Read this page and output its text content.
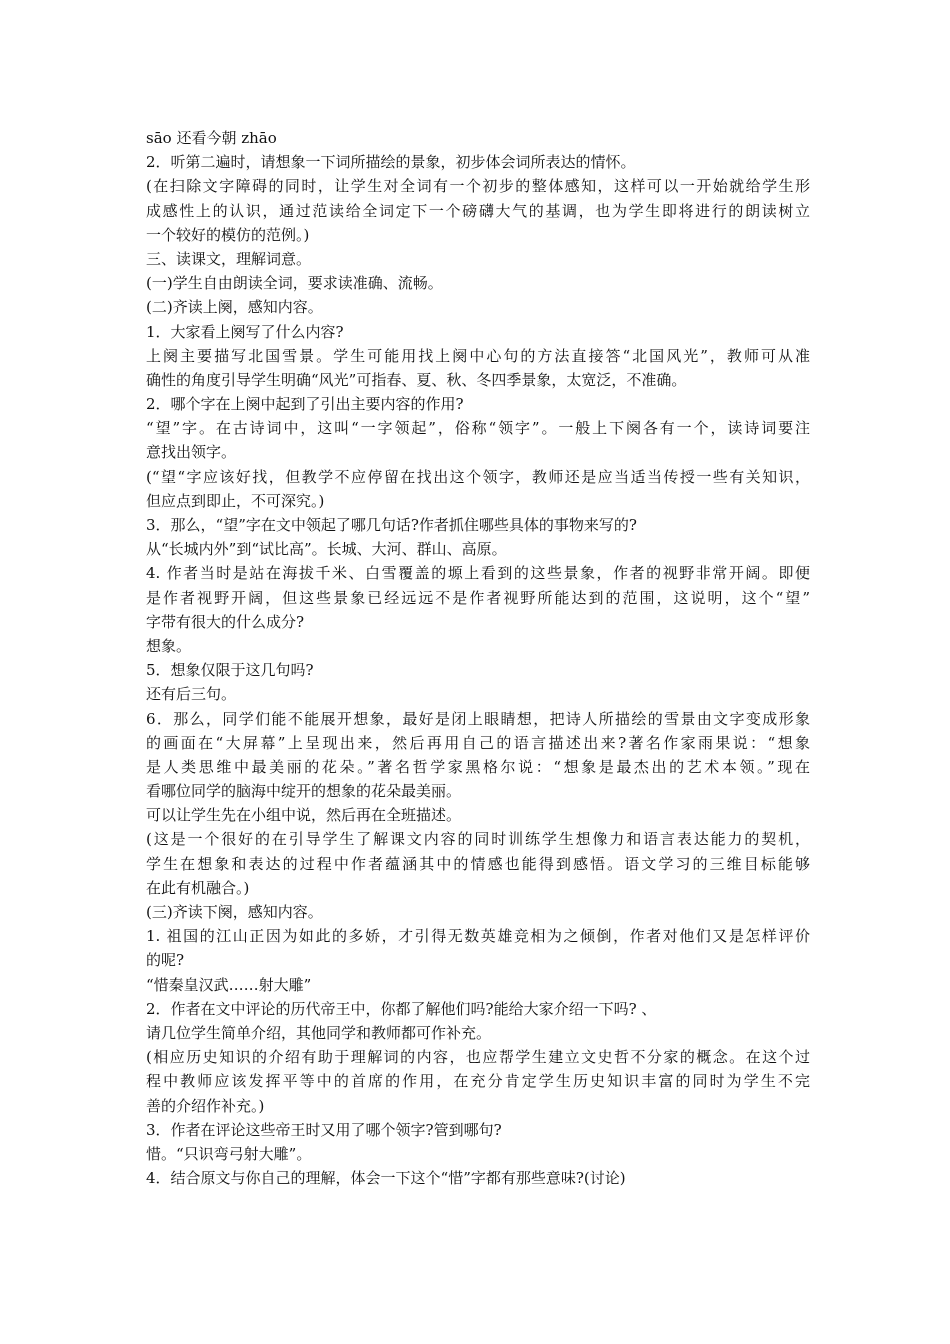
sāo 还看今朝 zhāo
2．听第二遍时，请想象一下词所描绘的景象，初步体会词所表达的情怀。
(在扫除文字障碍的同时，让学生对全词有一个初步的整体感知，这样可以一开始就给学生形
成感性上的认识，通过范读给全词定下一个磅礴大气的基调，也为学生即将进行的朗读树立
一个较好的模仿的范例。)
三、读课文，理解词意。
(一)学生自由朗读全词，要求读准确、流畅。
(二)齐读上阕，感知内容。
1．大家看上阕写了什么内容?
上阕主要描写北国雪景。学生可能用找上阕中心句的方法直接答“北国风光”，教师可从准
确性的角度引导学生明确“风光”可指春、夏、秋、冬四季景象，太宽泛，不准确。
2．哪个字在上阕中起到了引出主要内容的作用?
“望”字。在古诗词中，这叫“一字领起”，俗称“领字”。一般上下阕各有一个，读诗词要注
意找出领字。
(“望“字应该好找，但教学不应停留在找出这个领字，教师还是应当适当传授一些有关知识，
但应点到即止，不可深究。)
3．那么，“望”字在文中领起了哪几句话?作者抓住哪些具体的事物来写的?
从“长城内外”到“试比高”。长城、大河、群山、高原。
4. 作者当时是站在海拔千米、白雪覆盖的塬上看到的这些景象，作者的视野非常开阔。即便
是作者视野开阔，但这些景象已经远远不是作者视野所能达到的范围，这说明，这个“望”
字带有很大的什么成分?
想象。
5．想象仅限于这几句吗?
还有后三句。
6．那么，同学们能不能展开想象，最好是闭上眼睛想，把诗人所描绘的雪景由文字变成形象
的画面在“大屏幕”上呈现出来，然后再用自己的语言描述出来?著名作家雨果说：“想象
是人类思维中最美丽的花朵。”著名哲学家黑格尔说：“想象是最杰出的艺术本领。”现在
看哪位同学的脑海中绽开的想象的花朵最美丽。
可以让学生先在小组中说，然后再在全班描述。
(这是一个很好的在引导学生了解课文内容的同时训练学生想像力和语言表达能力的契机，
学生在想象和表达的过程中作者蕴涵其中的情感也能得到感悟。语文学习的三维目标能够
在此有机融合。)
(三)齐读下阕，感知内容。
1. 祖国的江山正因为如此的多娇，才引得无数英雄竞相为之倾倒，作者对他们又是怎样评价
的呢?
“惜秦皇汉武……射大雕”
2．作者在文中评论的历代帝王中，你都了解他们吗?能给大家介绍一下吗? 、
请几位学生简单介绍，其他同学和教师都可作补充。
(相应历史知识的介绍有助于理解词的内容，也应帮学生建立文史哲不分家的概念。在这个过
程中教师应该发挥平等中的首席的作用，在充分肯定学生历史知识丰富的同时为学生不完
善的介绍作补充。)
3．作者在评论这些帝王时又用了哪个领字?管到哪句?
惜。“只识弯弓射大雕”。
4．结合原文与你自己的理解，体会一下这个“惜”字都有那些意味?(讨论)
